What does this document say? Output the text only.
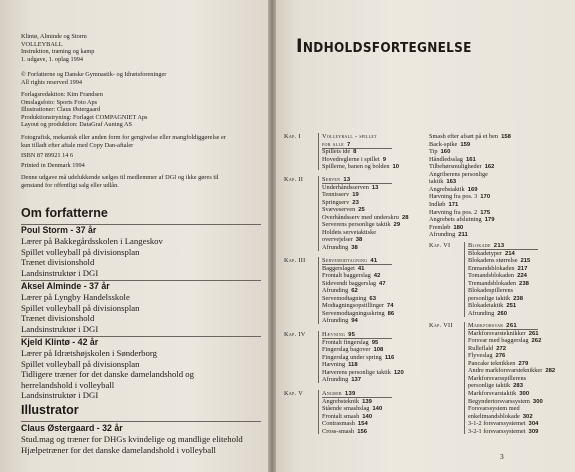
Klintø, Alminde og Storm
VOLLEYBALL
Instruktion, træning og kamp
1. udgave, 1. oplag 1994
© Forfatterne og Danske Gymnastik- og Idrætsforeninger
All rights reserved 1994
Forlagsredaktion: Kim Frandsen
Omslagsfoto: Sports Foto Aps
Illustrationer: Claus Østergaard
Produktionstryning: Forlaget COMPAGNIET Aps
Layout og produktion: DataGraf Auning AS
Fotografisk, mekanisk eller anden form for gengivelse eller mangfoldiggørelse er
kun tilladt efter aftale med Copy Dan-aftaler
ISBN 87 89921 14 6
Printed in Denmark 1994
Denne udgave må udelukkende sælges til medlemmer af DGI og ikke gøres til
genstand for offentligt salg eller udlån.
Om forfatterne
Poul Storm - 37 år
Lærer på Bakkegårdsskolen i Langeskov
Spillet volleyball på divisionsplan
Trænet divisionshold
Landsinstruktør i DGI
Aksel Alminde - 37 år
Lærer på Lyngby Handelsskole
Spillet volleyball på divisionsplan
Trænet divisionshold
Landsinstruktør i DGI
Kjeld Klintø - 42 år
Lærer på Idrætshøjskolen i Sønderborg
Spillet volleyball på divisionsplan
Tidligere træner for det danske damelandshold og
herrelandshold i volleyball
Landsinstruktør i DGI
Illustrator
Claus Østergaard - 32 år
Stud.mag og træner for DHGs kvindelige og mandlige elitehold
Hjælpetræner for det danske damelandshold i volleyball
Indholdsfortegnelse
Kap. I	Volleyball - spillet
for alle 7
Spillets idé 8
Hovedreglerne i spillet 9
Spillerne, banen og bolden 10
Kap. II	Serven 13
Underhåndsserven 13
Tennisserv 19
Springserv 23
Svæveserven 25
Overhåndsserv med underskru 28
Serverens personlige taktik 29
Holdets servetaktiske
overvejelser 38
Afrunding 38
Kap. III	Servemodtagning 41
Baggerslaget 41
Frontalt baggerslag 42
Sidevendt baggerslag 47
Afrunding 62
Servemodtagning 63
Modtagningsopstillinger 74
Servemodtagningsskring 86
Afrunding 94
Kap. IV	Hævning 95
Frontalt fingerslag 95
Fingerslag bagover 108
Fingerslag under spring 116
Hævning 118
Hæverens personlige taktik 120
Afrunding 137
Kap. V	Angreb 139
Angrebsteknik 139
Stående smashslag 140
Frontalt smash 140
Contrasmash 154
Cross-smash 156
Smash efter afsæt på et ben 158
Back-spike 159
Tip 160
Håndledsslag 161
Tilbehørsmuligheder 162
Angriberens personlige
taktik 163
Angrebstaktik 169
Hævning fra pos. 3 170
Indløb 171
Hævning fra pos. 2 175
Angrebets afslutning 179
Fremløb 180
Afrunding 211
Kap. VI	Blokade 213
Blokadetyper 214
Blokadens størrelse 215
Enmandsblokaden 217
Tomandsblokaden 224
Tremandsblokaden 238
Blokadespillerens
personlige taktik 238
Blokadetaktik 251
Afrunding 260
Kap. VII Markforsvar 261
Markforsvarsteknikker 261
Forsvar med baggerslag 262
Rulleflald 272
Flyveslag 276
Pancake teknikken 279
Andre markforsvarsteknikker 282
Markforsvarsspillerens
personlige taktik 283
Markforsvarstaktik 300
Begyndertorsvarssystem 300
Forsvarssystem med
enkeltmandsblokade 302
3-1-2 forsvarssystemet 304
3-2-1 forsvarssystemet 309
3
